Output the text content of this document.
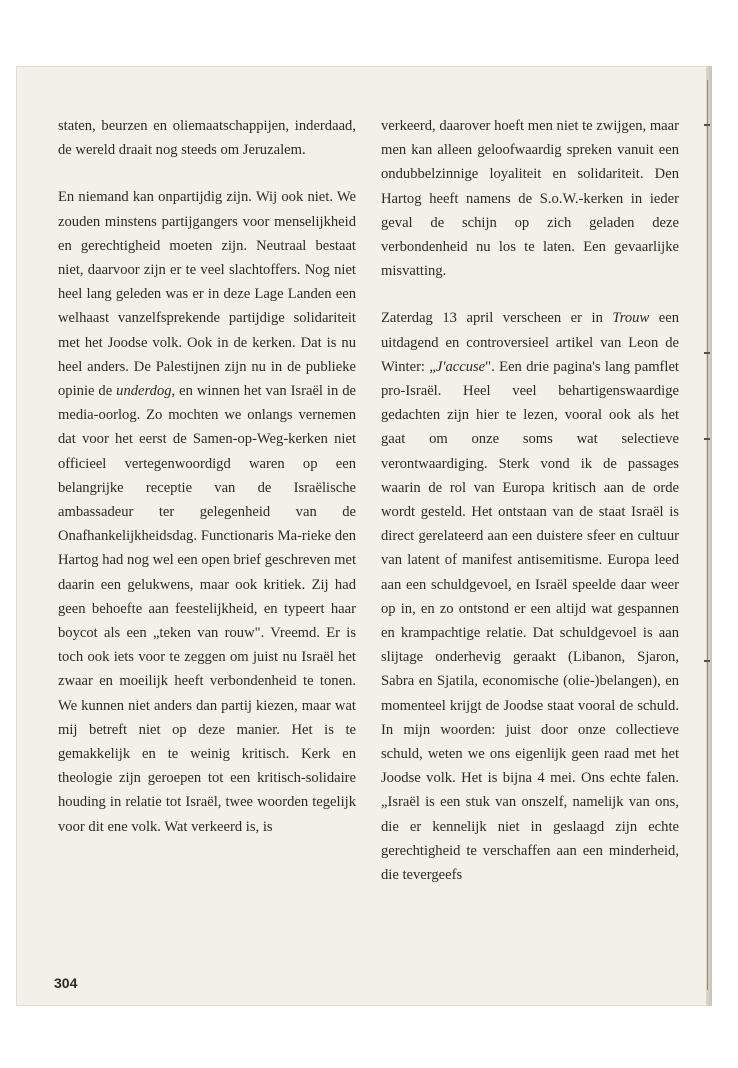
staten, beurzen en oliemaatschappijen, inderdaad, de wereld draait nog steeds om Jeruzalem.

En niemand kan onpartijdig zijn. Wij ook niet. We zouden minstens partijgangers voor menselijkheid en gerechtigheid moeten zijn. Neutraal bestaat niet, daarvoor zijn er te veel slachtoffers. Nog niet heel lang geleden was er in deze Lage Landen een welhaast vanzelfsprekende partijdige solidariteit met het Joodse volk. Ook in de kerken. Dat is nu heel anders. De Palestijnen zijn nu in de publieke opinie de underdog, en winnen het van Israël in de media-oorlog. Zo mochten we onlangs vernemen dat voor het eerst de Samen-op-Weg-kerken niet officieel vertegenwoordigd waren op een belangrijke receptie van de Israëlische ambassadeur ter gelegenheid van de Onafhankelijkheidsdag. Functionaris Ma-rieke den Hartog had nog wel een open brief geschreven met daarin een gelukwens, maar ook kritiek. Zij had geen behoefte aan feestelijkheid, en typeert haar boycot als een „teken van rouw". Vreemd. Er is toch ook iets voor te zeggen om juist nu Israël het zwaar en moeilijk heeft verbondenheid te tonen. We kunnen niet anders dan partij kiezen, maar wat mij betreft niet op deze manier. Het is te gemakkelijk en te weinig kritisch. Kerk en theologie zijn geroepen tot een kritisch-solidaire houding in relatie tot Israël, twee woorden tegelijk voor dit ene volk. Wat verkeerd is, is

verkeerd, daarover hoeft men niet te zwijgen, maar men kan alleen geloofwaardig spreken vanuit een ondubbelzinnige loyaliteit en solidariteit. Den Hartog heeft namens de S.o.W.-kerken in ieder geval de schijn op zich geladen deze verbondenheid nu los te laten. Een gevaarlijke misvatting.

Zaterdag 13 april verscheen er in Trouw een uitdagend en controversieel artikel van Leon de Winter: „J'accuse". Een drie pagina's lang pamflet pro-Israël. Heel veel behartigenswaardige gedachten zijn hier te lezen, vooral ook als het gaat om onze soms wat selectieve verontwaardiging. Sterk vond ik de passages waarin de rol van Europa kritisch aan de orde wordt gesteld. Het ontstaan van de staat Israël is direct gerelateerd aan een duistere sfeer en cultuur van latent of manifest antisemitisme. Europa leed aan een schuldgevoel, en Israël speelde daar weer op in, en zo ontstond er een altijd wat gespannen en krampachtige relatie. Dat schuldgevoel is aan slijtage onderhevig geraakt (Libanon, Sjaron, Sabra en Sjatila, economische (olie-)belangen), en momenteel krijgt de Joodse staat vooral de schuld. In mijn woorden: juist door onze collectieve schuld, weten we ons eigenlijk geen raad met het Joodse volk. Het is bijna 4 mei. Ons echte falen. „Israël is een stuk van onszelf, namelijk van ons, die er kennelijk niet in geslaagd zijn echte gerechtigheid te verschaffen aan een minderheid, die tevergeefs

304
